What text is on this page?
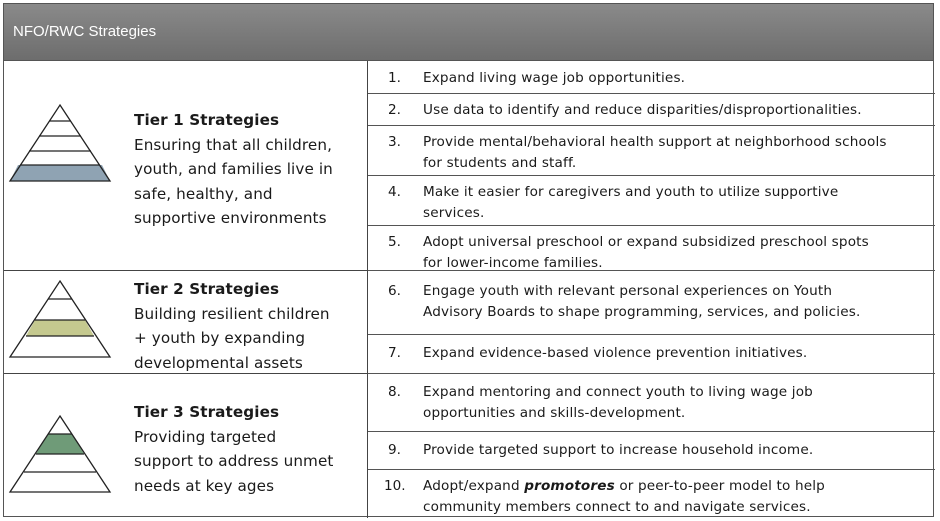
NFO/RWC Strategies
Tier 1 Strategies
Ensuring that all children,
youth, and families live in
safe, healthy, and
supportive environments
Tier 2 Strategies
Building resilient children
+ youth by expanding
developmental assets
Tier 3 Strategies
Providing targeted
support to address unmet
needs at key ages
1. Expand living wage job opportunities.
2. Use data to identify and reduce disparities/disproportionalities.
3. Provide mental/behavioral health support at neighborhood schools
for students and staff.
4. Make it easier for caregivers and youth to utilize supportive
services.
5. Adopt universal preschool or expand subsidized preschool spots
for lower-income families.
6. Engage youth with relevant personal experiences on Youth
Advisory Boards to shape programming, services, and policies.
7. Expand evidence-based violence prevention initiatives.
8. Expand mentoring and connect youth to living wage job
opportunities and skills-development.
9. Provide targeted support to increase household income.
10. Adopt/expand promotores or peer-to-peer model to help
community members connect to and navigate services.
